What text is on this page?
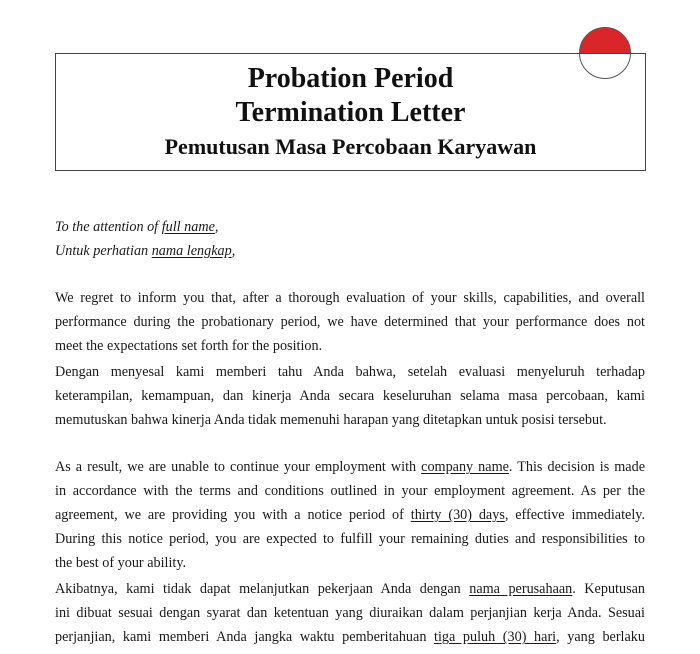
Probation Period
Termination Letter
Pemutusan Masa Percobaan Karyawan
To the attention of full name,
Untuk perhatian nama lengkap,
We regret to inform you that, after a thorough evaluation of your skills, capabilities, and overall
performance during the probationary period, we have determined that your performance does not
meet the expectations set forth for the position.
Dengan menyesal kami memberi tahu Anda bahwa, setelah evaluasi menyeluruh terhadap
keterampilan, kemampuan, dan kinerja Anda secara keseluruhan selama masa percobaan, kami
memutuskan bahwa kinerja Anda tidak memenuhi harapan yang ditetapkan untuk posisi tersebut.
As a result, we are unable to continue your employment with company name. This decision is made
in accordance with the terms and conditions outlined in your employment agreement. As per the
agreement, we are providing you with a notice period of thirty (30) days, effective immediately.
During this notice period, you are expected to fulfill your remaining duties and responsibilities to
the best of your ability.
Akibatnya, kami tidak dapat melanjutkan pekerjaan Anda dengan nama perusahaan. Keputusan
ini dibuat sesuai dengan syarat dan ketentuan yang diuraikan dalam perjanjian kerja Anda. Sesuai
perjanjian, kami memberi Anda jangka waktu pemberitahuan tiga puluh (30) hari, yang berlaku
